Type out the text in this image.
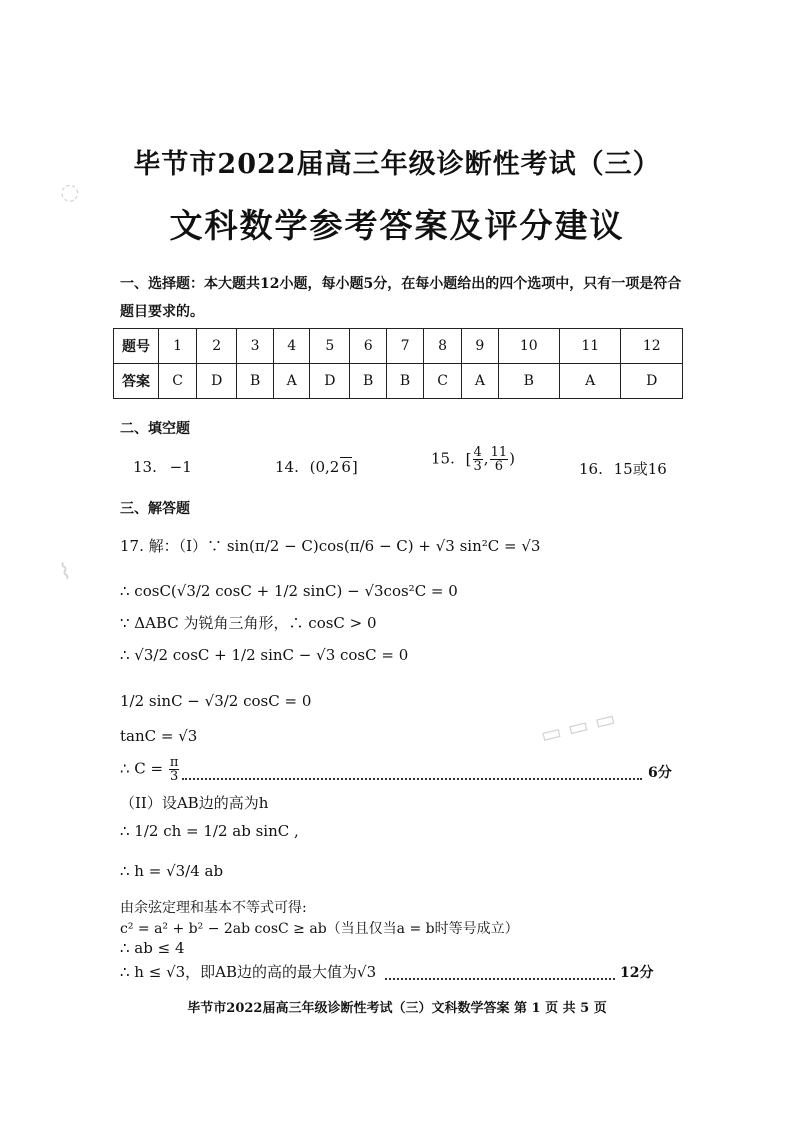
◌
⌇
▭ ▭ ▭
毕节市2022届高三年级诊断性考试（三）
文科数学参考答案及评分建议
一、选择题：本大题共12小题，每小题5分，在每小题给出的四个选项中，只有一项是符合题目要求的。
题号	1	2	3	4	5	6	7	8	9	10	11	12
答案	C	D	B	A	D	B	B	C	A	B	A	D
二、填空题
13. −1	14. (0,2 6]	15. [ $\frac{4}{3}$ , $\frac{11}{6}$ )
16. 15或16
三、解答题
17. 解：（Ⅰ）∵ sin(π/2 − C)cos(π/6 − C) + √3 sin²C = √3
∴ cosC(√3/2 cosC + 1/2 sinC) − √3cos²C = 0
∵ ΔABC 为锐角三角形，∴ cosC > 0
∴ √3/2 cosC + 1/2 sinC − √3 cosC = 0
1/2 sinC − √3/2 cosC = 0
tanC = √3
∴ $C = \frac{\pi}{3}$	6分
（II）设AB边的高为h
∴ 1/2 ch = 1/2 ab sinC ,
∴ h = √3/4 ab
由余弦定理和基本不等式可得:
c² = a² + b² − 2ab cosC ≥ ab（当且仅当a = b时等号成立）
∴ ab ≤ 4
∴ h ≤ √3，即AB边的高的最大值为√3	12分
毕节市2022届高三年级诊断性考试（三）文科数学答案 第 1 页 共 5 页
